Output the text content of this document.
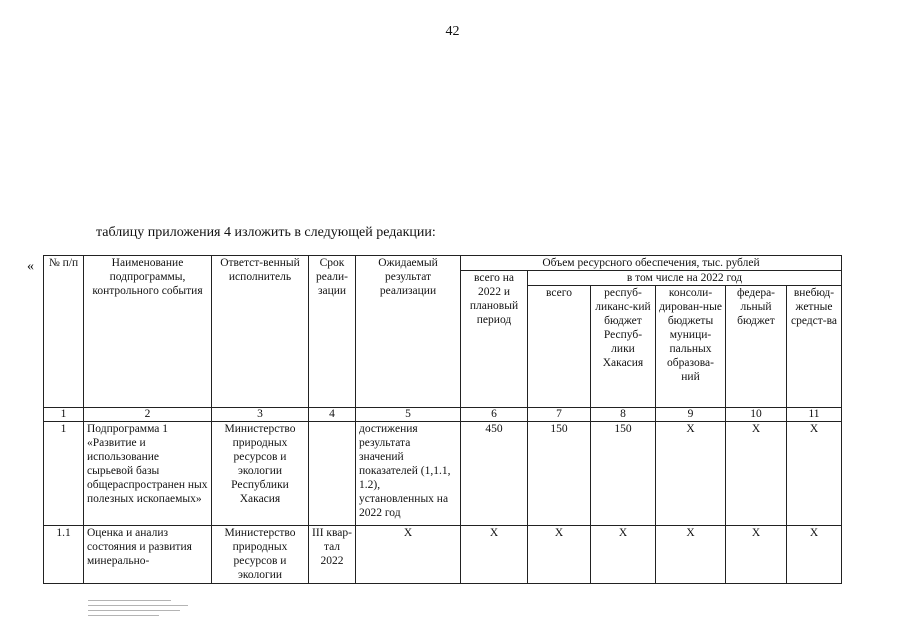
42
таблицу приложения 4 изложить в следующей редакции:
« № п/п	Наименование подпрограммы, контрольного события	Ответст-венный исполнитель	Срок реали-зации	Ожидаемый результат реализации	Объем ресурсного обеспечения, тыс. рублей					
					всего на 2022 и плановый период	в том числе на 2022 год				
						всего	респуб-ликанс-кий бюджет Респуб-лики Хакасия	консоли-дирован-ные бюджеты муници-пальных образова-ний	федера-льный бюджет	внебюд-жетные средст-ва
1	2	3	4	5	6	7	8	9	10	11
1	Подпрограмма 1 «Развитие и использование сырьевой базы общераспространен ных полезных ископаемых»	Министерство природных ресурсов и экологии Республики Хакасия		достижения результата значений показателей (1,1.1, 1.2), установленных на 2022 год	450	150	150	X	X	X
1.1	Оценка и анализ состояния и развития минерально-	Министерство природных ресурсов и экологии	III квар-тал 2022	X	X	X	X	X	X	X
